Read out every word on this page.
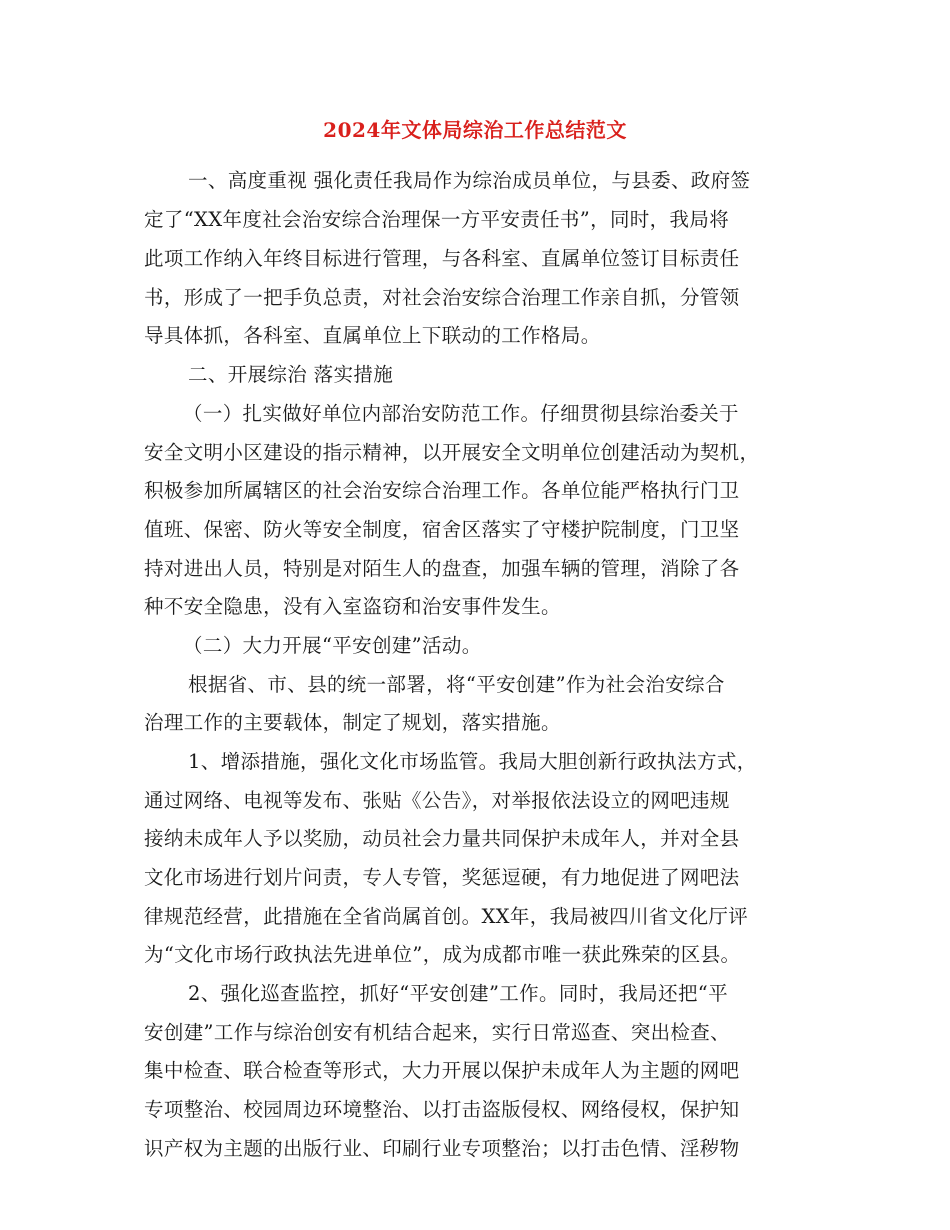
2024年文体局综治工作总结范文
一、高度重视 强化责任我局作为综治成员单位，与县委、政府签
定了“XX年度社会治安综合治理保一方平安责任书”，同时，我局将
此项工作纳入年终目标进行管理，与各科室、直属单位签订目标责任
书，形成了一把手负总责，对社会治安综合治理工作亲自抓，分管领
导具体抓，各科室、直属单位上下联动的工作格局。
二、开展综治 落实措施
（一）扎实做好单位内部治安防范工作。仔细贯彻县综治委关于
安全文明小区建设的指示精神，以开展安全文明单位创建活动为契机，
积极参加所属辖区的社会治安综合治理工作。各单位能严格执行门卫
值班、保密、防火等安全制度，宿舍区落实了守楼护院制度，门卫坚
持对进出人员，特别是对陌生人的盘查，加强车辆的管理，消除了各
种不安全隐患，没有入室盗窃和治安事件发生。
（二）大力开展“平安创建”活动。
根据省、市、县的统一部署，将“平安创建”作为社会治安综合
治理工作的主要载体，制定了规划，落实措施。
1、增添措施，强化文化市场监管。我局大胆创新行政执法方式，
通过网络、电视等发布、张贴《公告》，对举报依法设立的网吧违规
接纳未成年人予以奖励，动员社会力量共同保护未成年人，并对全县
文化市场进行划片问责，专人专管，奖惩逗硬，有力地促进了网吧法
律规范经营，此措施在全省尚属首创。XX年，我局被四川省文化厅评
为“文化市场行政执法先进单位”，成为成都市唯一获此殊荣的区县。
2、强化巡查监控，抓好“平安创建”工作。同时，我局还把“平
安创建”工作与综治创安有机结合起来，实行日常巡查、突出检查、
集中检查、联合检查等形式，大力开展以保护未成年人为主题的网吧
专项整治、校园周边环境整治、以打击盗版侵权、网络侵权，保护知
识产权为主题的出版行业、印刷行业专项整治；以打击色情、淫秽物
